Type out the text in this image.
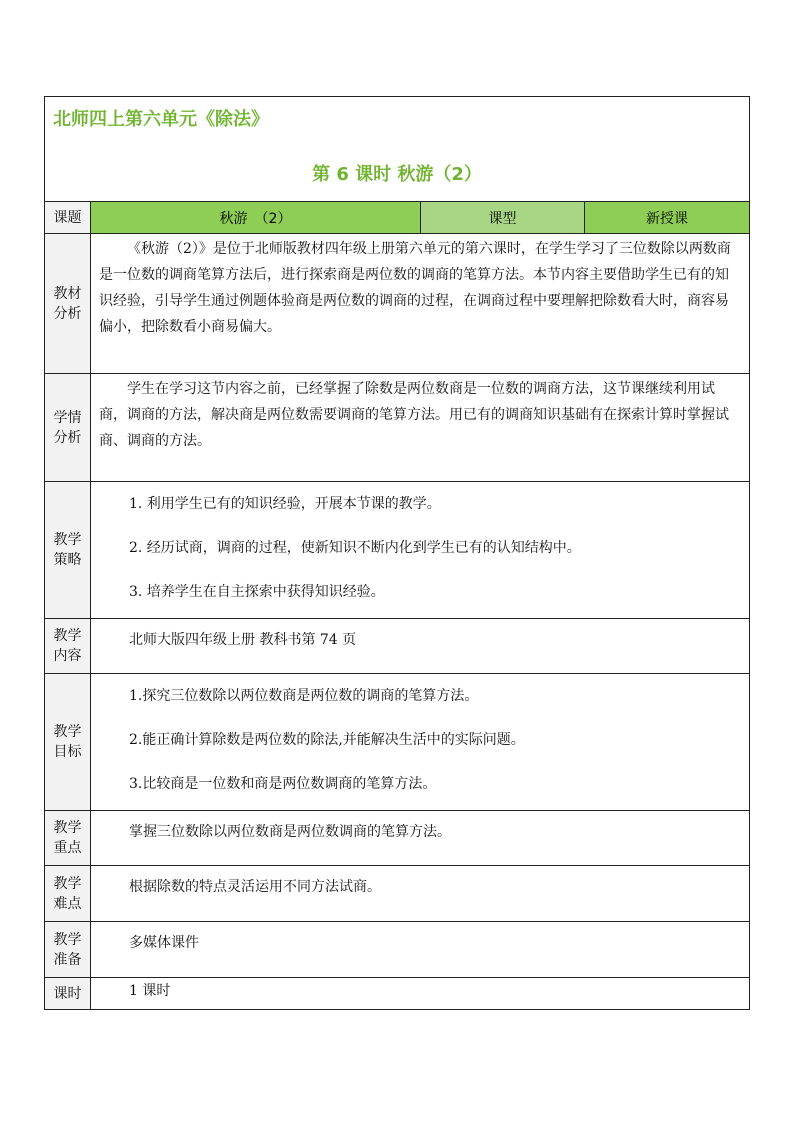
北师四上第六单元《除法》
第 6 课时 秋游（2）			

课题	秋游　（2）	课型	新授课
教材分析	《秋游（2）》是位于北师版教材四年级上册第六单元的第六课时，在学生学习了三位数除以两数商是一位数的调商笔算方法后，进行探索商是两位数的调商的笔算方法。本节内容主要借助学生已有的知识经验，引导学生通过例题体验商是两位数的调商的过程，在调商过程中要理解把除数看大时，商容易偏小，把除数看小商易偏大。		

学情分析	学生在学习这节内容之前，已经掌握了除数是两位数商是一位数的调商方法，这节课继续利用试商，调商的方法，解决商是两位数需要调商的笔算方法。用已有的调商知识基础有在探索计算时掌握试商、调商的方法。		

教学策略	1. 利用学生已有的知识经验，开展本节课的教学。

2. 经历试商，调商的过程，使新知识不断内化到学生已有的认知结构中。

3. 培养学生在自主探索中获得知识经验。		

教学内容	北师大版四年级上册 教科书第 74 页		
教学目标	1.探究三位数除以两位数商是两位数的调商的笔算方法。

2.能正确计算除数是两位数的除法,并能解决生活中的实际问题。

3.比较商是一位数和商是两位数调商的笔算方法。		

教学重点	掌握三位数除以两位数商是两位数调商的笔算方法。		
教学难点	根据除数的特点灵活运用不同方法试商。		
教学准备	多媒体课件		
课时	1 课时		
